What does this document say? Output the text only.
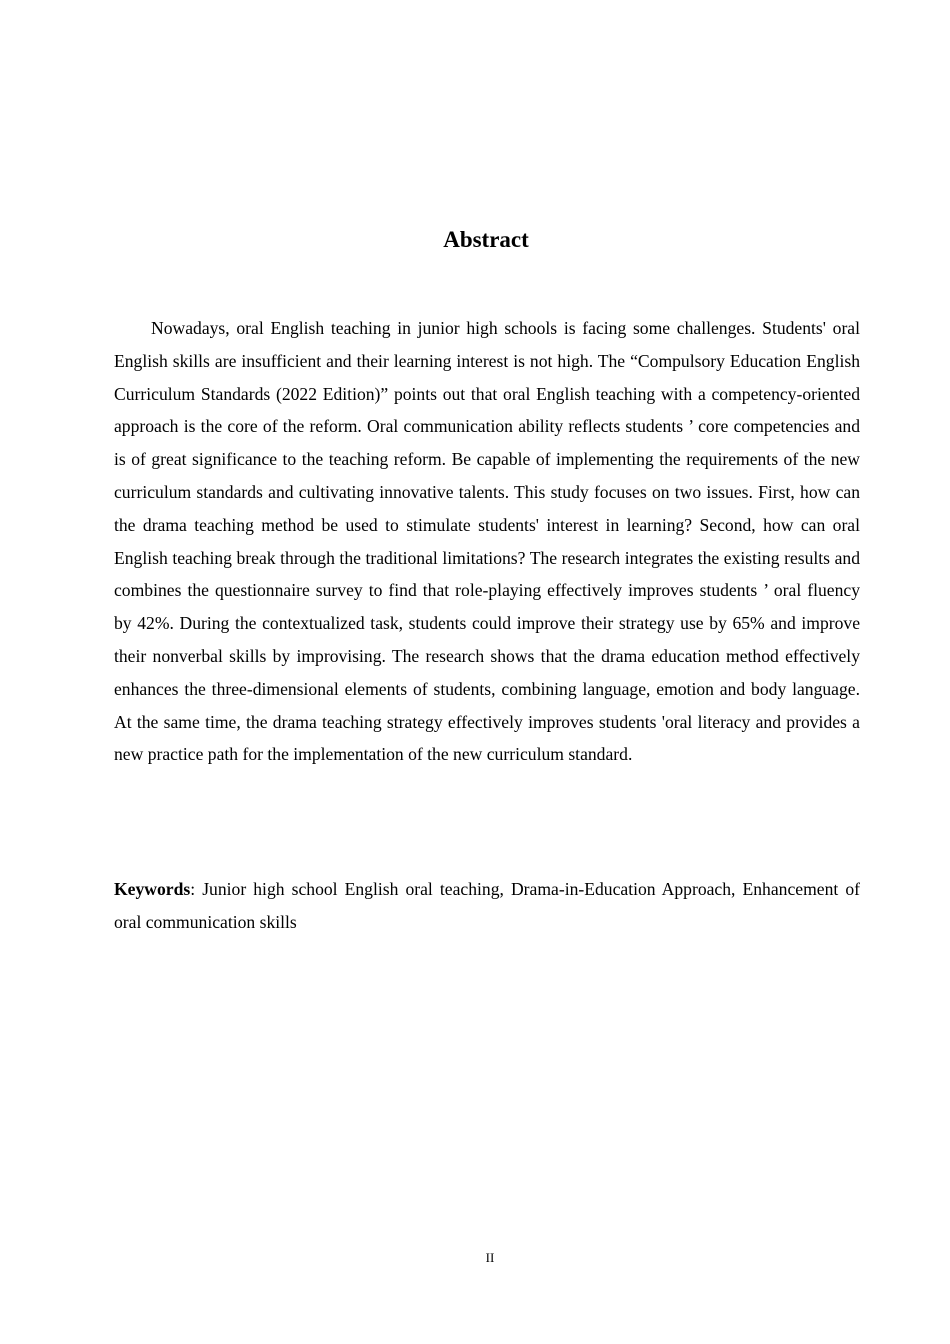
Abstract

Nowadays, oral English teaching in junior high schools is facing some challenges. Students' oral English skills are insufficient and their learning interest is not high. The “Compulsory Education English Curriculum Standards (2022 Edition)” points out that oral English teaching with a competency-oriented approach is the core of the reform. Oral communication ability reflects students ’ core competencies and is of great significance to the teaching reform. Be capable of implementing the requirements of the new curriculum standards and cultivating innovative talents. This study focuses on two issues. First, how can the drama teaching method be used to stimulate students' interest in learning? Second, how can oral English teaching break through the traditional limitations? The research integrates the existing results and combines the questionnaire survey to find that role-playing effectively improves students ’ oral fluency by 42%. During the contextualized task, students could improve their strategy use by 65% and improve their nonverbal skills by improvising. The research shows that the drama education method effectively enhances the three-dimensional elements of students, combining language, emotion and body language. At the same time, the drama teaching strategy effectively improves students 'oral literacy and provides a new practice path for the implementation of the new curriculum standard.

Keywords: Junior high school English oral teaching, Drama-in-Education Approach, Enhancement of oral communication skills

II
